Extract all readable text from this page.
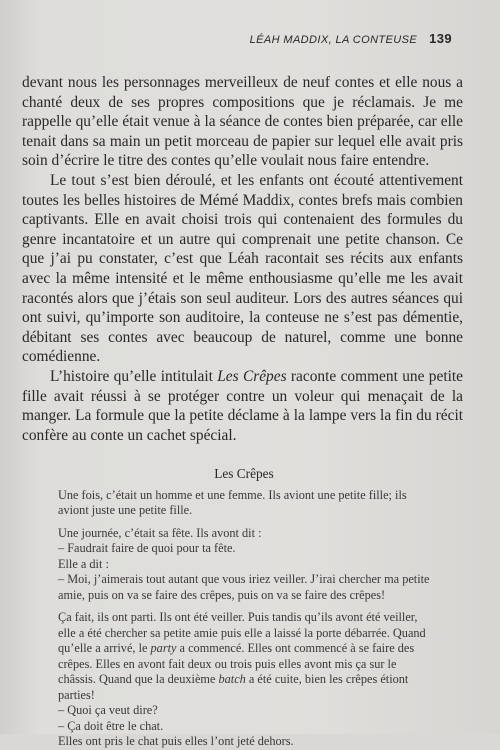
LÉAH MADDIX, LA CONTEUSE 139

devant nous les personnages merveilleux de neuf contes et elle nous a chanté deux de ses propres compositions que je réclamais. Je me rappelle qu’elle était venue à la séance de contes bien préparée, car elle tenait dans sa main un petit morceau de papier sur lequel elle avait pris soin d’écrire le titre des contes qu’elle voulait nous faire entendre.

Le tout s’est bien déroulé, et les enfants ont écouté attentivement toutes les belles histoires de Mémé Maddix, contes brefs mais combien captivants. Elle en avait choisi trois qui contenaient des formules du genre incantatoire et un autre qui comprenait une petite chanson. Ce que j’ai pu constater, c’est que Léah racontait ses récits aux enfants avec la même intensité et le même enthousiasme qu’elle me les avait racontés alors que j’étais son seul auditeur. Lors des autres séances qui ont suivi, qu’importe son auditoire, la conteuse ne s’est pas démentie, débitant ses contes avec beaucoup de naturel, comme une bonne comédienne.

L’histoire qu’elle intitulait Les Crêpes raconte comment une petite fille avait réussi à se protéger contre un voleur qui menaçait de la manger. La formule que la petite déclame à la lampe vers la fin du récit confère au conte un cachet spécial.

Les Crêpes

Une fois, c’était un homme et une femme. Ils aviont une petite fille; ils aviont juste une petite fille.

Une journée, c’était sa fête. Ils avont dit :

– Faudrait faire de quoi pour ta fête.

Elle a dit :

– Moi, j’aimerais tout autant que vous iriez veiller. J’irai chercher ma petite amie, puis on va se faire des crêpes, puis on va se faire des crêpes!

Ça fait, ils ont parti. Ils ont été veiller. Puis tandis qu’ils avont été veiller, elle a été chercher sa petite amie puis elle a laissé la porte débarrée. Quand qu’elle a arrivé, le party a commencé. Elles ont commencé à se faire des crêpes. Elles en avont fait deux ou trois puis elles avont mis ça sur le châssis. Quand que la deuxième batch a été cuite, bien les crêpes étiont parties!

– Quoi ça veut dire?

– Ça doit être le chat.

Elles ont pris le chat puis elles l’ont jeté dehors.
